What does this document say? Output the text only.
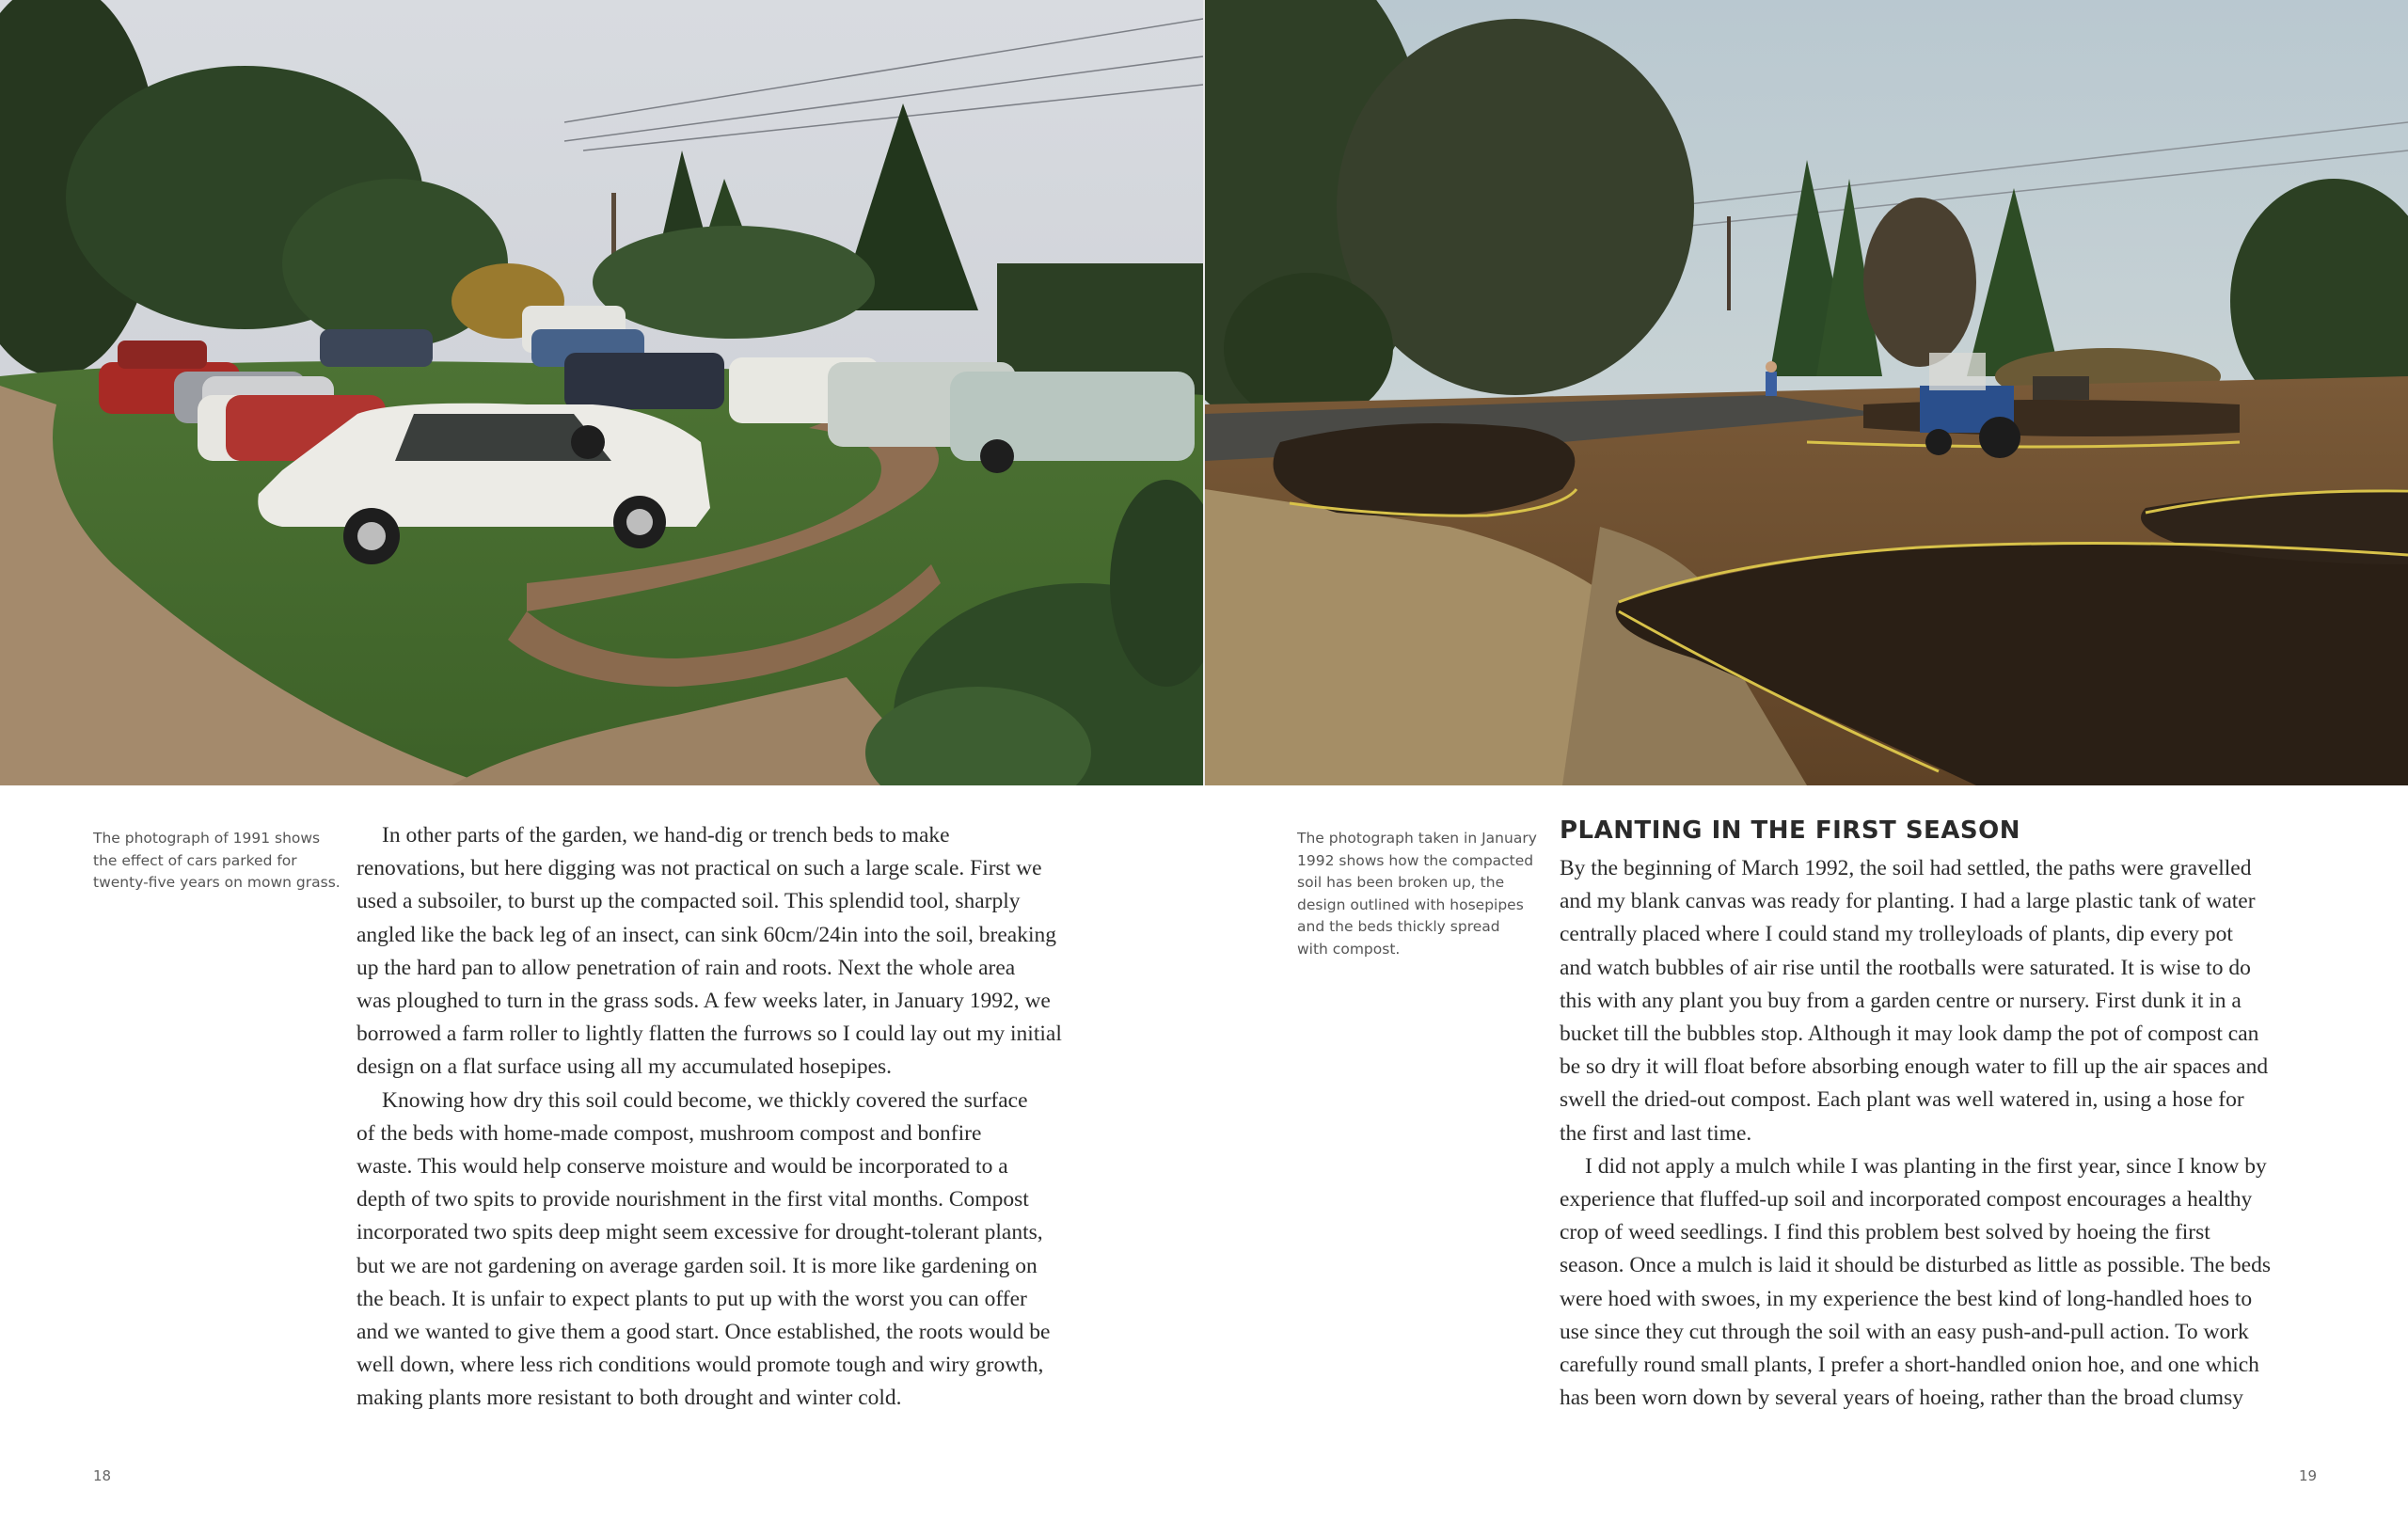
The photograph of 1991 shows
the effect of cars parked for
twenty-five years on mown grass.
The photograph taken in January
1992 shows how the compacted
soil has been broken up, the
design outlined with hosepipes
and the beds thickly spread
with compost.
In other parts of the garden, we hand-dig or trench beds to make
renovations, but here digging was not practical on such a large scale. First we
used a subsoiler, to burst up the compacted soil. This splendid tool, sharply
angled like the back leg of an insect, can sink 60cm/24in into the soil, breaking
up the hard pan to allow penetration of rain and roots. Next the whole area
was ploughed to turn in the grass sods. A few weeks later, in January 1992, we
borrowed a farm roller to lightly flatten the furrows so I could lay out my initial
design on a flat surface using all my accumulated hosepipes.
Knowing how dry this soil could become, we thickly covered the surface
of the beds with home-made compost, mushroom compost and bonfire
waste. This would help conserve moisture and would be incorporated to a
depth of two spits to provide nourishment in the first vital months. Compost
incorporated two spits deep might seem excessive for drought-tolerant plants,
but we are not gardening on average garden soil. It is more like gardening on
the beach. It is unfair to expect plants to put up with the worst you can offer
and we wanted to give them a good start. Once established, the roots would be
well down, where less rich conditions would promote tough and wiry growth,
making plants more resistant to both drought and winter cold.
PLANTING IN THE FIRST SEASON
By the beginning of March 1992, the soil had settled, the paths were gravelled
and my blank canvas was ready for planting. I had a large plastic tank of water
centrally placed where I could stand my trolleyloads of plants, dip every pot
and watch bubbles of air rise until the rootballs were saturated. It is wise to do
this with any plant you buy from a garden centre or nursery. First dunk it in a
bucket till the bubbles stop. Although it may look damp the pot of compost can
be so dry it will float before absorbing enough water to fill up the air spaces and
swell the dried-out compost. Each plant was well watered in, using a hose for
the first and last time.
I did not apply a mulch while I was planting in the first year, since I know by
experience that fluffed-up soil and incorporated compost encourages a healthy
crop of weed seedlings. I find this problem best solved by hoeing the first
season. Once a mulch is laid it should be disturbed as little as possible. The beds
were hoed with swoes, in my experience the best kind of long-handled hoes to
use since they cut through the soil with an easy push-and-pull action. To work
carefully round small plants, I prefer a short-handled onion hoe, and one which
has been worn down by several years of hoeing, rather than the broad clumsy
18	19
